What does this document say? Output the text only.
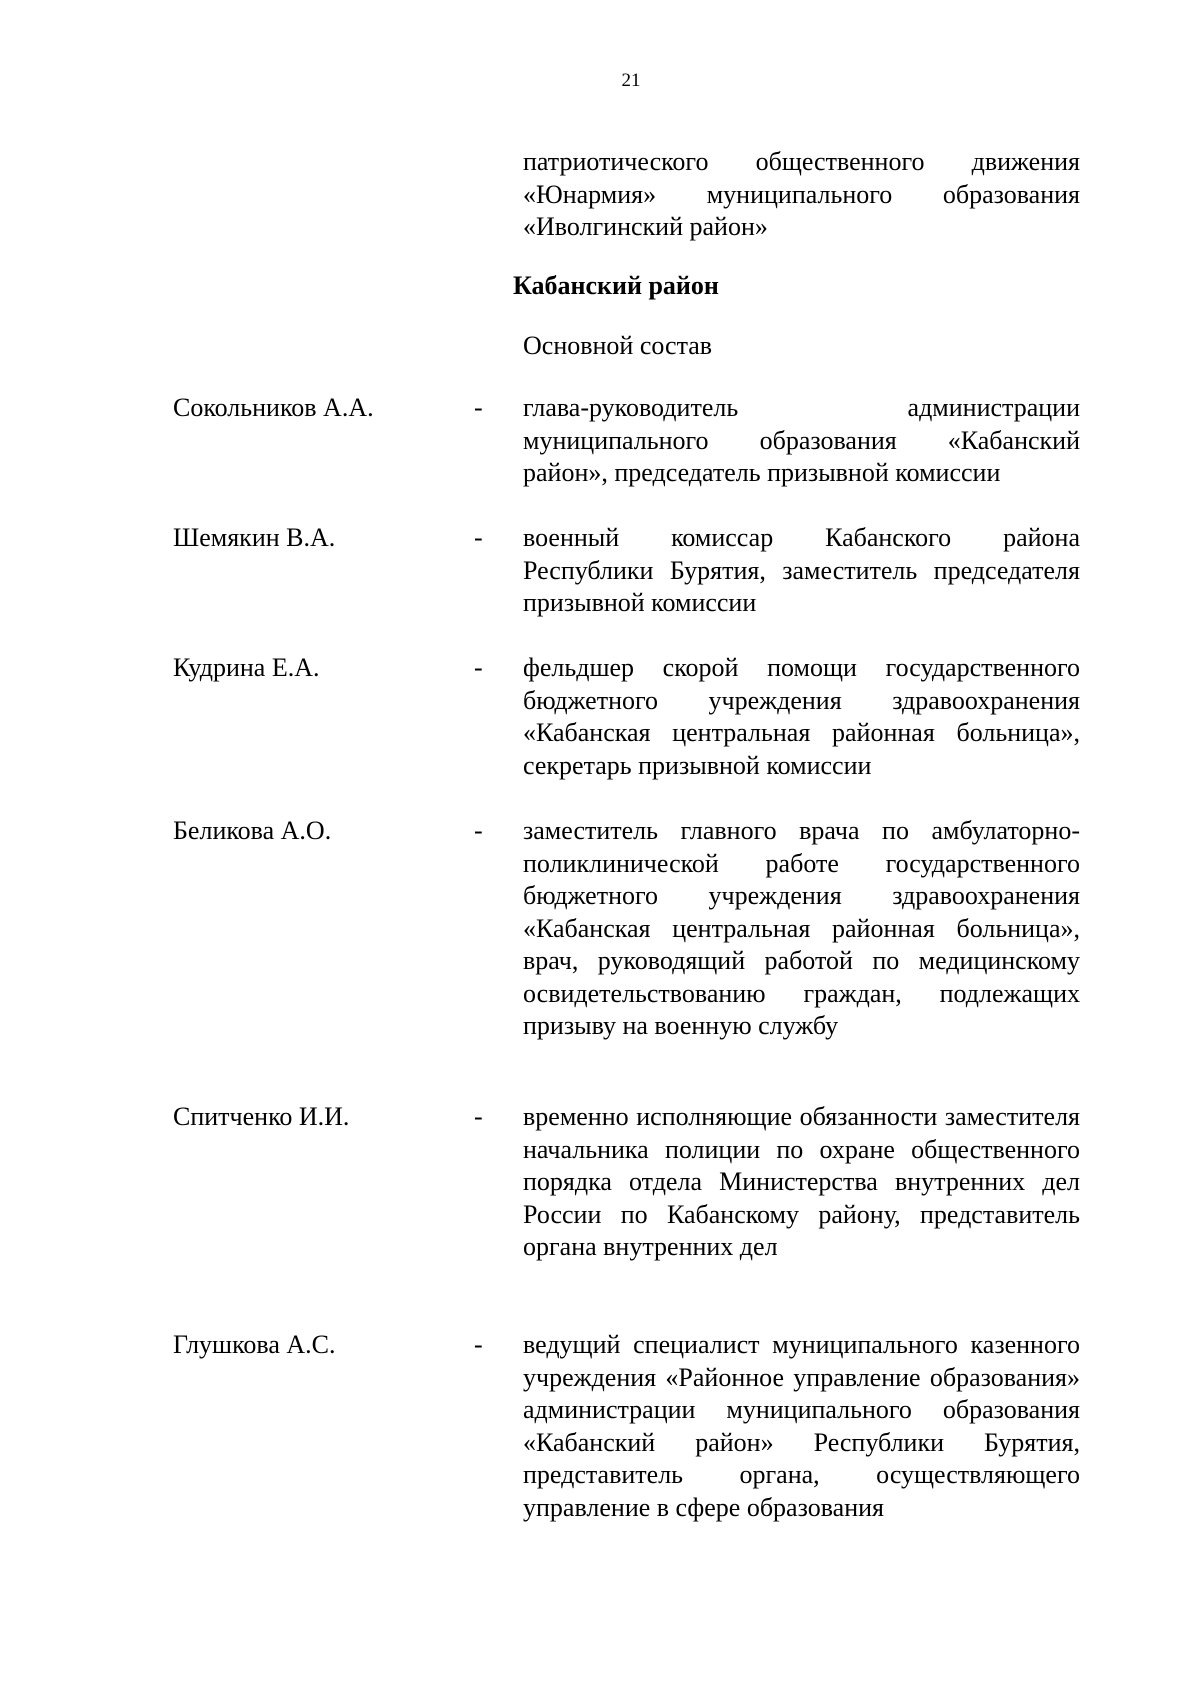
21
патриотического общественного движения «Юнармия» муниципального образования «Иволгинский район»
Кабанский район
Основной состав
Сокольников А.А.	- глава-руководитель администрации муниципального образования «Кабанский район», председатель призывной комиссии
Шемякин В.А.	- военный комиссар Кабанского района Республики Бурятия, заместитель председателя призывной комиссии
Кудрина Е.А.	- фельдшер скорой помощи государственного бюджетного учреждения здравоохранения «Кабанская центральная районная больница», секретарь призывной комиссии
Беликова А.О.	- заместитель главного врача по амбулаторно-поликлинической работе государственного бюджетного учреждения здравоохранения «Кабанская центральная районная больница», врач, руководящий работой по медицинскому освидетельствованию граждан, подлежащих призыву на военную службу
Спитченко И.И.	- временно исполняющие обязанности заместителя начальника полиции по охране общественного порядка отдела Министерства внутренних дел России по Кабанскому району, представитель органа внутренних дел
Глушкова А.С.	- ведущий специалист муниципального казенного учреждения «Районное управление образования» администрации муниципального образования «Кабанский район» Республики Бурятия, представитель органа, осуществляющего управление в сфере образования
